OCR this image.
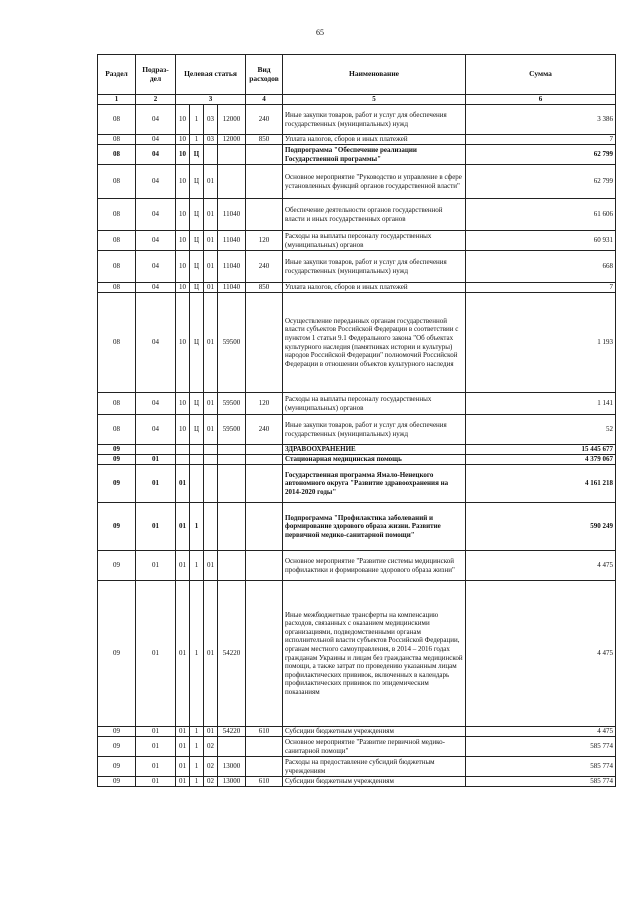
65
Раздел	Подраз-дел	Целевая статья				Вид расходов	Наименование	Сумма
1	2	3				4	5	6
08	04	10	1	03	12000	240	Иные закупки товаров, работ и услуг для обеспечения государственных (муниципальных) нужд	3 386
08	04	10	1	03	12000	850	Уплата налогов, сборов и иных платежей	7
08	04	10	Ц				Подпрограмма "Обеспечение реализации Государственной программы"	62 799
08	04	10	Ц	01			Основное мероприятие "Руководство и управление в сфере установленных функций органов государственной власти"	62 799
08	04	10	Ц	01	11040		Обеспечение деятельности органов государственной власти и иных государственных органов	61 606
08	04	10	Ц	01	11040	120	Расходы на выплаты персоналу государственных (муниципальных) органов	60 931
08	04	10	Ц	01	11040	240	Иные закупки товаров, работ и услуг для обеспечения государственных (муниципальных) нужд	668
08	04	10	Ц	01	11040	850	Уплата налогов, сборов и иных платежей	7
08	04	10	Ц	01	59500		Осуществление переданных органам государственной власти субъектов Российской Федерации в соответствии с пунктом 1 статьи 9.1 Федерального закона "Об объектах культурного наследия (памятниках истории и культуры) народов Российской Федерации" полномочий Российской Федерации в отношении объектов культурного наследия	1 193
08	04	10	Ц	01	59500	120	Расходы на выплаты персоналу государственных (муниципальных) органов	1 141
08	04	10	Ц	01	59500	240	Иные закупки товаров, работ и услуг для обеспечения государственных (муниципальных) нужд	52
09							ЗДРАВООХРАНЕНИЕ	15 445 677
09	01						Стационарная медицинская помощь	4 379 067
09	01	01					Государственная программа Ямало-Ненецкого автономного округа "Развитие здравоохранения на 2014-2020 годы"	4 161 218
09	01	01	1				Подпрограмма "Профилактика заболеваний и формирование здорового образа жизни. Развитие первичной медико-санитарной помощи"	590 249
09	01	01	1	01			Основное мероприятие "Развитие системы медицинской профилактики и формирование здорового образа жизни"	4 475
09	01	01	1	01	54220		Иные межбюджетные трансферты на компенсацию расходов, связанных с оказанием медицинскими организациями, подведомственными органам исполнительной власти субъектов Российской Федерации, органам местного самоуправления, в 2014 – 2016 годах гражданам Украины и лицам без гражданства медицинской помощи, а также затрат по проведению указанным лицам профилактических прививок, включенных в календарь профилактических прививок по эпидемическим показаниям	4 475
09	01	01	1	01	54220	610	Субсидии бюджетным учреждениям	4 475
09	01	01	1	02			Основное мероприятие "Развитие первичной медико-санитарной помощи"	585 774
09	01	01	1	02	13000		Расходы на предоставление субсидий бюджетным учреждениям	585 774
09	01	01	1	02	13000	610	Субсидии бюджетным учреждениям	585 774
